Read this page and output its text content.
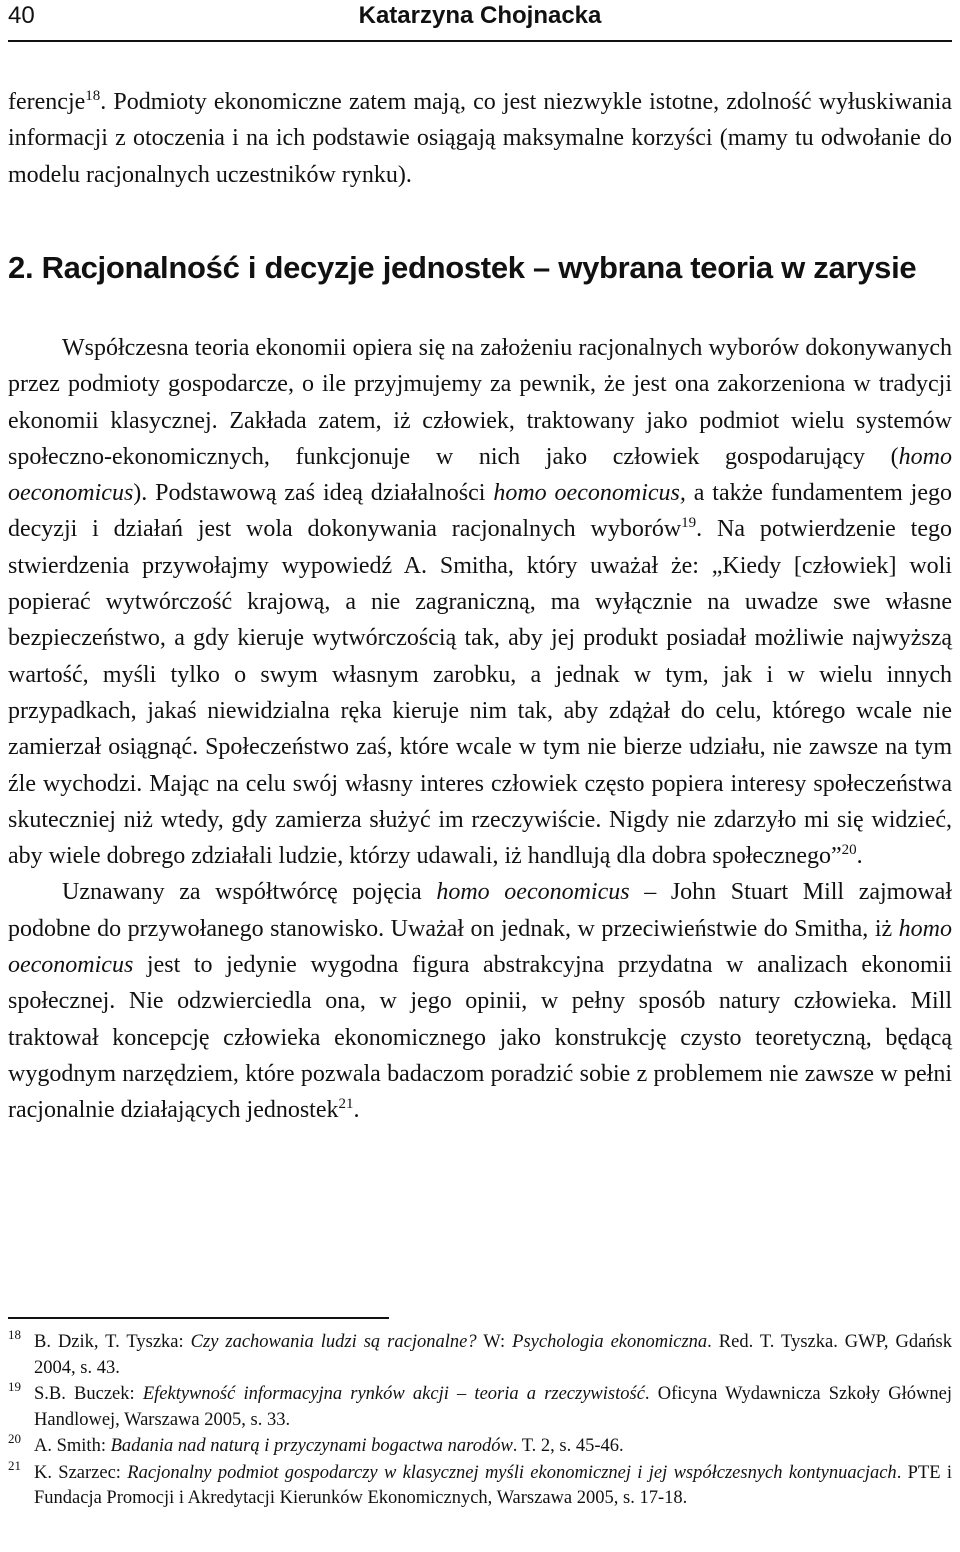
40	Katarzyna Chojnacka

ferencje$^{18}$. Podmioty ekonomiczne zatem mają, co jest niezwykle istotne, zdolność wyłuskiwania informacji z otoczenia i na ich podstawie osiągają maksymalne korzyści (mamy tu odwołanie do modelu racjonalnych uczestników rynku).

2. Racjonalność i decyzje jednostek – wybrana teoria w zarysie

Współczesna teoria ekonomii opiera się na założeniu racjonalnych wyborów dokonywanych przez podmioty gospodarcze, o ile przyjmujemy za pewnik, że jest ona zakorzeniona w tradycji ekonomii klasycznej. Zakłada zatem, iż człowiek, traktowany jako podmiot wielu systemów społeczno-ekonomicznych, funkcjonuje w nich jako człowiek gospodarujący (homo oeconomicus). Podstawową zaś ideą działalności homo oeconomicus, a także fundamentem jego decyzji i działań jest wola dokonywania racjonalnych wyborów$^{19}$. Na potwierdzenie tego stwierdzenia przywołajmy wypowiedź A. Smitha, który uważał że: „Kiedy [człowiek] woli popierać wytwórczość krajową, a nie zagraniczną, ma wyłącznie na uwadze swe własne bezpieczeństwo, a gdy kieruje wytwórczością tak, aby jej produkt posiadał możliwie najwyższą wartość, myśli tylko o swym własnym zarobku, a jednak w tym, jak i w wielu innych przypadkach, jakaś niewidzialna ręka kieruje nim tak, aby zdążał do celu, którego wcale nie zamierzał osiągnąć. Społeczeństwo zaś, które wcale w tym nie bierze udziału, nie zawsze na tym źle wychodzi. Mając na celu swój własny interes człowiek często popiera interesy społeczeństwa skuteczniej niż wtedy, gdy zamierza służyć im rzeczywiście. Nigdy nie zdarzyło mi się widzieć, aby wiele dobrego zdziałali ludzie, którzy udawali, iż handlują dla dobra społecznego”$^{20}$.

Uznawany za współtwórcę pojęcia homo oeconomicus – John Stuart Mill zajmował podobne do przywołanego stanowisko. Uważał on jednak, w przeciwieństwie do Smitha, iż homo oeconomicus jest to jedynie wygodna figura abstrakcyjna przydatna w analizach ekonomii społecznej. Nie odzwierciedla ona, w jego opinii, w pełny sposób natury człowieka. Mill traktował koncepcję człowieka ekonomicznego jako konstrukcję czysto teoretyczną, będącą wygodnym narzędziem, które pozwala badaczom poradzić sobie z problemem nie zawsze w pełni racjonalnie działających jednostek$^{21}$.

18 B. Dzik, T. Tyszka: Czy zachowania ludzi są racjonalne? W: Psychologia ekonomiczna. Red. T. Tyszka. GWP, Gdańsk 2004, s. 43.

19 S.B. Buczek: Efektywność informacyjna rynków akcji – teoria a rzeczywistość. Oficyna Wydawnicza Szkoły Głównej Handlowej, Warszawa 2005, s. 33.

20 A. Smith: Badania nad naturą i przyczynami bogactwa narodów. T. 2, s. 45-46.

21 K. Szarzec: Racjonalny podmiot gospodarczy w klasycznej myśli ekonomicznej i jej współczesnych kontynuacjach. PTE i Fundacja Promocji i Akredytacji Kierunków Ekonomicznych, Warszawa 2005, s. 17-18.
